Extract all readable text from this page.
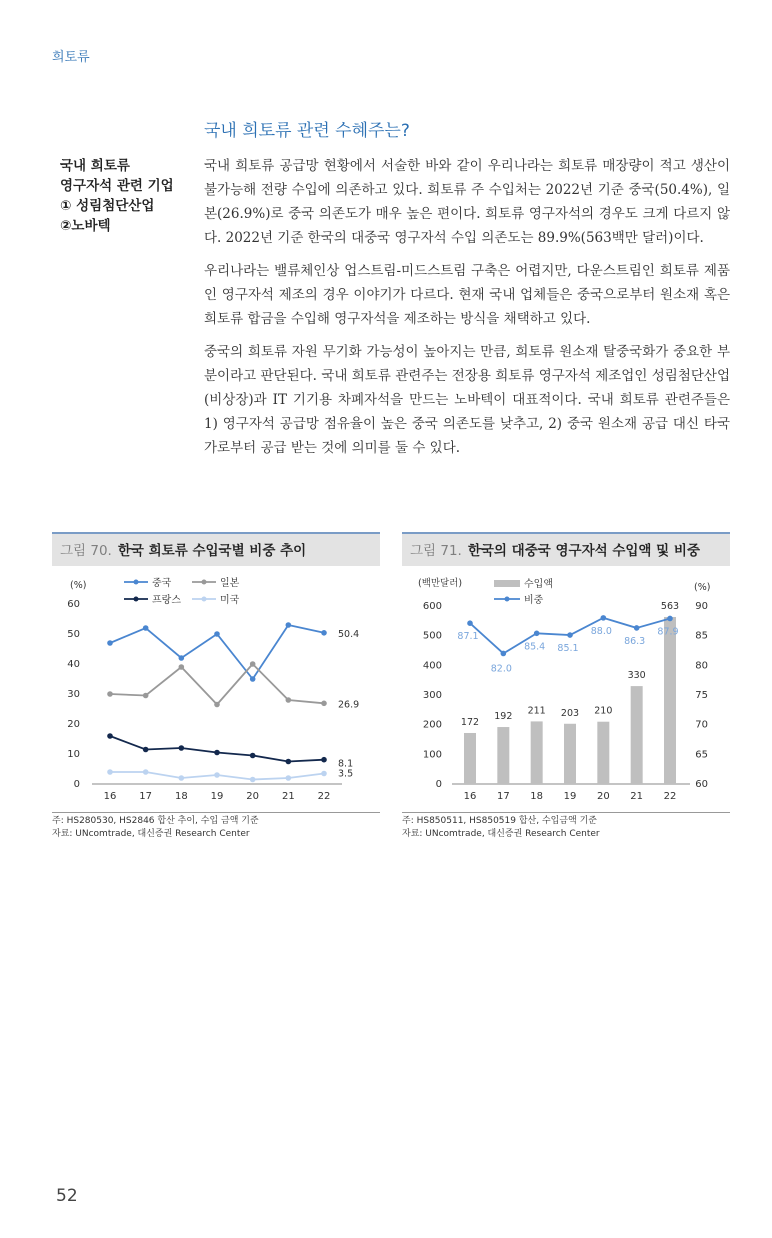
희토류
국내 희토류 관련 수혜주는?
국내 희토류
영구자석 관련 기업
① 성림첨단산업
②노바텍

국내 희토류 공급망 현황에서 서술한 바와 같이 우리나라는 희토류 매장량이 적고 생산이 불가능해 전량 수입에 의존하고 있다. 희토류 주 수입처는 2022년 기준 중국(50.4%), 일본(26.9%)로 중국 의존도가 매우 높은 편이다. 희토류 영구자석의 경우도 크게 다르지 않다. 2022년 기준 한국의 대중국 영구자석 수입 의존도는 89.9%(563백만 달러)이다.

우리나라는 밸류체인상 업스트림-미드스트림 구축은 어렵지만, 다운스트림인 희토류 제품인 영구자석 제조의 경우 이야기가 다르다. 현재 국내 업체들은 중국으로부터 원소재 혹은 희토류 합금을 수입해 영구자석을 제조하는 방식을 채택하고 있다.

중국의 희토류 자원 무기화 가능성이 높아지는 만큼, 희토류 원소재 탈중국화가 중요한 부분이라고 판단된다. 국내 희토류 관련주는 전장용 희토류 영구자석 제조업인 성림첨단산업(비상장)과 IT 기기용 차폐자석을 만드는 노바텍이 대표적이다. 국내 희토류 관련주들은 1) 영구자석 공급망 점유율이 높은 중국 의존도를 낮추고, 2) 중국 원소재 공급 대신 타국가로부터 공급 받는 것에 의미를 둘 수 있다.

그림 70. 한국 희토류 수입국별 비중 추이
(%)
0
10
20
30
40
50
60
16 17 18 19 20 21 22
중국	일본
프랑스	미국
50.4
26.9
8.1
3.5
주: HS280530, HS2846 합산 추이, 수입 금액 기준
자료: UNcomtrade, 대신증권 Research Center
그림 71. 한국의 대중국 영구자석 수입액 및 비중
(백만달러)	(%)
0
100
200
300
400
500
600
60
65
70
75
80
85
90
16 17 18 19 20 21 22
수입액
비중
172
192
211 203 210
330
563
87.1
82.0
85.4 85.1
88.0
86.3
87.9
주: HS850511, HS850519 합산, 수입금액 기준
자료: UNcomtrade, 대신증권 Research Center
52
